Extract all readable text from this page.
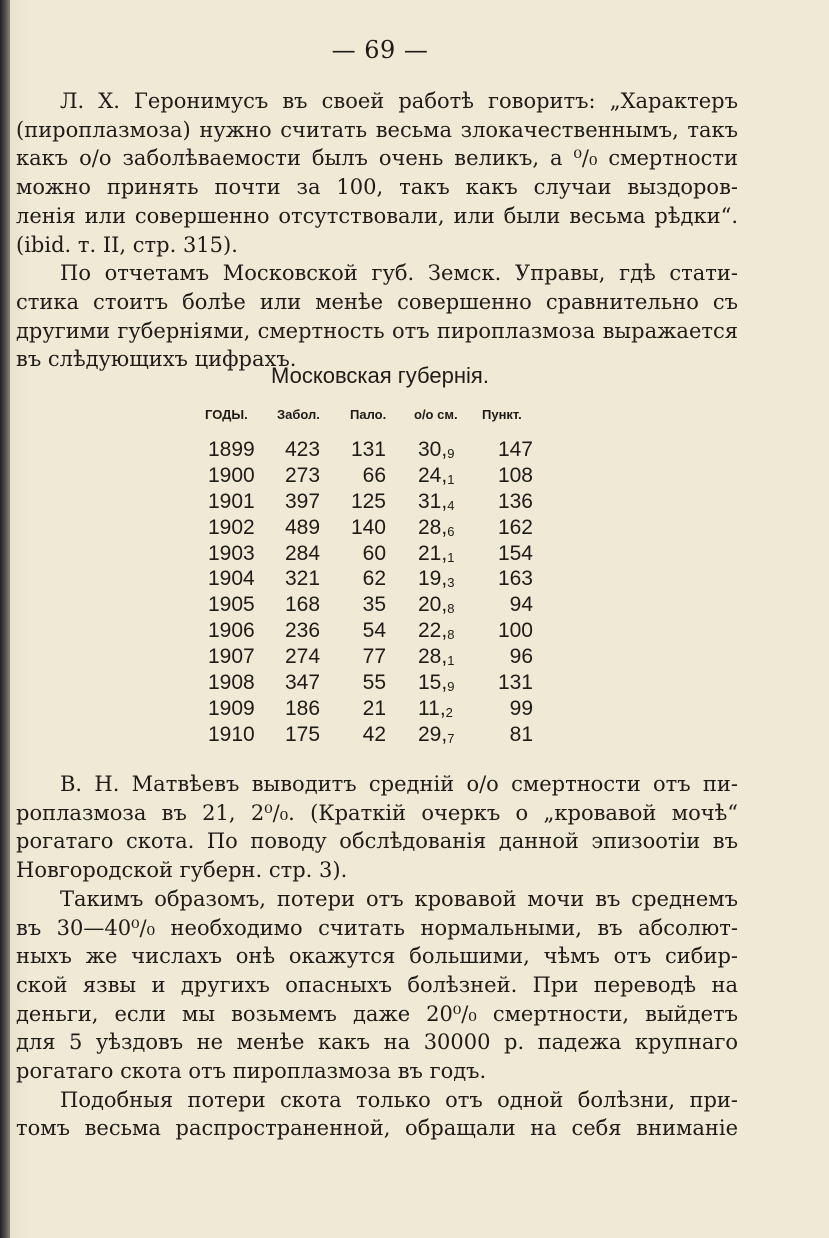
— 69 —
Л. Х. Геронимусъ въ своей работѣ говоритъ: „Характеръ
(пироплазмоза) нужно считать весьма злокачественнымъ, такъ
какъ o/o заболѣваемости былъ очень великъ, а ⁰/₀ смертности
можно принять почти за 100, такъ какъ случаи выздоров-
ленія или совершенно отсутствовали, или были весьма рѣдки“.
(ibid. т. II, стр. 315).
По отчетамъ Московской губ. Земск. Управы, гдѣ стати-
стика стоитъ болѣе или менѣе совершенно сравнительно съ
другими губерніями, смертность отъ пироплазмоза выражается
въ слѣдующихъ цифрахъ.
Московская губернія.
ГОДЫ. Забол. Пало. о/о см. Пункт.
1899	423	131 30,9	147
1900	273	66 24,1	108
1901	397	125 31,4	136
1902	489	140 28,6	162
1903	284	60 21,1	154
1904	321	62 19,3	163
1905	168	35 20,8	94
1906	236	54 22,8	100
1907	274	77 28,1	96
1908	347	55 15,9	131
1909	186	21 11,2	99
1910	175	42 29,7	81
В. Н. Матвѣевъ выводитъ средній o/o смертности отъ пи-
роплазмоза въ 21, 2⁰/₀. (Краткій очеркъ о „кровавой мочѣ“
рогатаго скота. По поводу обслѣдованія данной эпизоотіи въ
Новгородской губерн. стр. 3).
Такимъ образомъ, потери отъ кровавой мочи въ среднемъ
въ 30—40⁰/₀ необходимо считать нормальными, въ абсолют-
ныхъ же числахъ онѣ окажутся большими, чѣмъ отъ сибир-
ской язвы и другихъ опасныхъ болѣзней. При переводѣ на
деньги, если мы возьмемъ даже 20⁰/₀ смертности, выйдетъ
для 5 уѣздовъ не менѣе какъ на 30000 р. падежа крупнаго
рогатаго скота отъ пироплазмоза въ годъ.
Подобныя потери скота только отъ одной болѣзни, при-
томъ весьма распространенной, обращали на себя вниманіе
